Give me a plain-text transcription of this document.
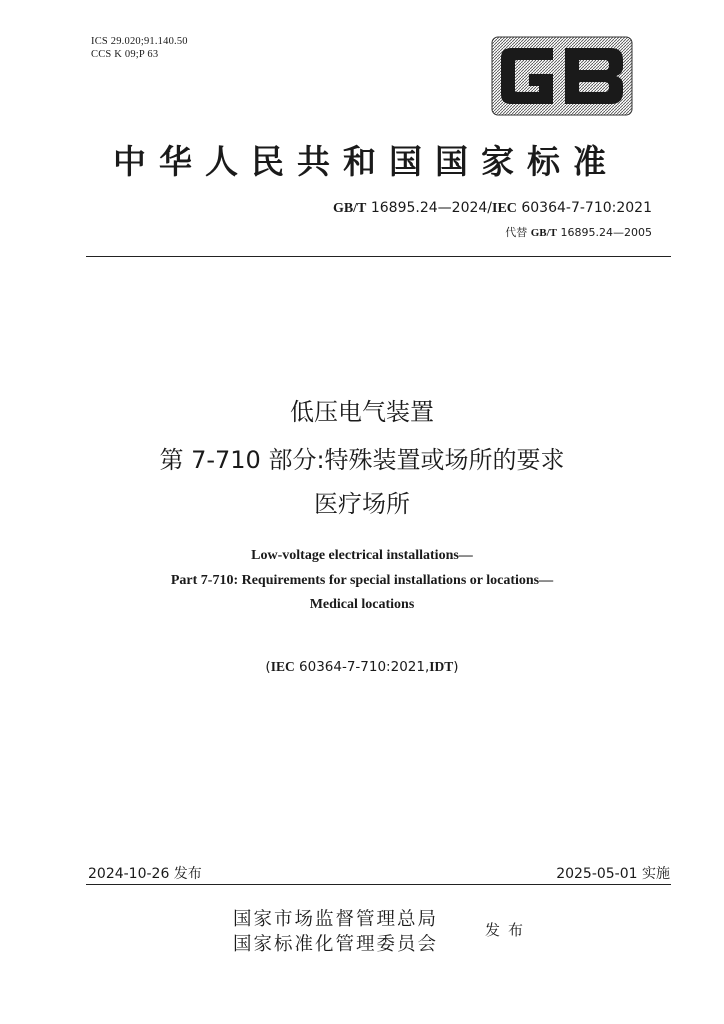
ICS 29.020;91.140.50
CCS K 09;P 63
中华人民共和国国家标准
GB/T 16895.24—2024/IEC 60364-7-710:2021
代替 GB/T 16895.24—2005
低压电气装置
第 7-710 部分:特殊装置或场所的要求
医疗场所
Low-voltage electrical installations—
Part 7-710: Requirements for special installations or locations—
Medical locations
(IEC 60364-7-710:2021,IDT)
2024-10-26 发布	2025-05-01 实施
国家市场监督管理总局
国家标准化管理委员会
发布
